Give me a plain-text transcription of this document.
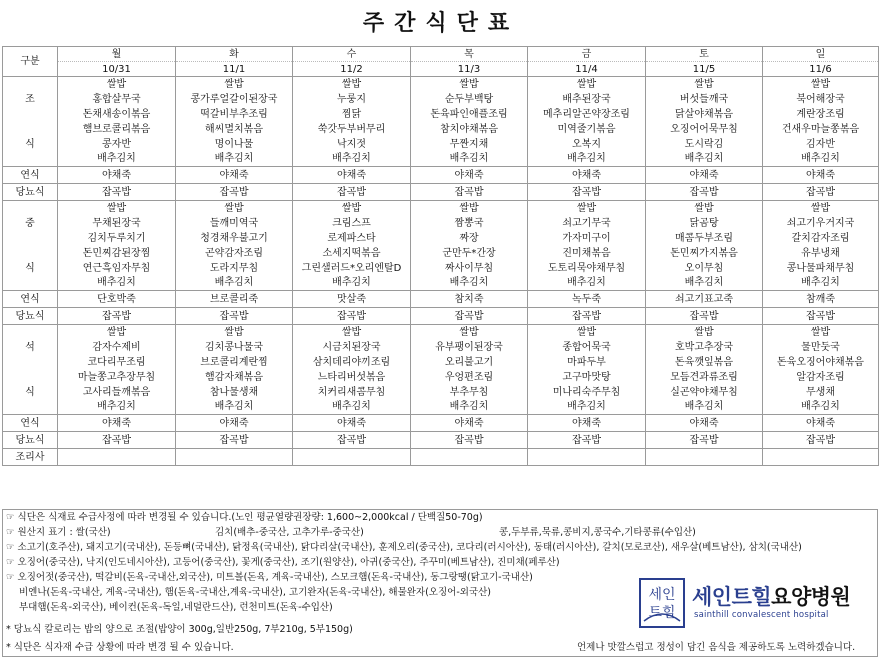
주간식단표
구분	월	화	수	목	금	토	일
	10/31	11/1	11/2	11/3	11/4	11/5	11/6
	쌀밥	쌀밥	쌀밥	쌀밥	쌀밥	쌀밥	쌀밥
조	홍합살무국	콩가루얼갈이된장국	누룽지	순두부백탕	배추된장국	버섯들깨국	북어해장국
	돈채새송이볶음	떡갈비부추조림	찜닭	돈육파인애플조림	메추리알곤약장조림	닭살야채볶음	계란장조림
	햄브로콜리볶음	해씨멸치볶음	쑥갓두부버무리	참치야채볶음	미역줄기볶음	오징어어묵무침	건새우마늘쫑볶음
식	콩자반	명이나물	낙지젓	무짠지채	오복지	도시락김	김자반
	배추김치	배추김치	배추김치	배추김치	배추김치	배추김치	배추김치
연식	야채죽	야채죽	야채죽	야채죽	야채죽	야채죽	야채죽
당뇨식	잡곡밥	잡곡밥	잡곡밥	잡곡밥	잡곡밥	잡곡밥	잡곡밥
	쌀밥	쌀밥	쌀밥	쌀밥	쌀밥	쌀밥	쌀밥
중	무채된장국	들깨미역국	크림스프	짬뽕국	쇠고기무국	닭곰탕	쇠고기우거지국
	김치두루치기	청경채우불고기	로제파스타	짜장	가자미구이	매콤두부조림	갈치감자조림
	돈민찌감된장찜	곤약감자조림	소세지떡볶음	군만두*간장	진미채볶음	돈민찌가지볶음	유부냉채
식	연근흑임자무침	도라지무침	그린샐러드*오리엔탈D	짜사이무침	도토리묵야채무침	오이무침	콩나물파채무침
	배추김치	배추김치	배추김치	배추김치	배추김치	배추김치	배추김치
연식	단호박죽	브로콜리죽	맛살죽	참치죽	녹두죽	쇠고기표고죽	참깨죽
당뇨식	잡곡밥	잡곡밥	잡곡밥	잡곡밥	잡곡밥	잡곡밥	잡곡밥
	쌀밥	쌀밥	쌀밥	쌀밥	쌀밥	쌀밥	쌀밥
석	감자수제비	김치콩나물국	시금치된장국	유부팽이된장국	종합어묵국	호박고추장국	물만둣국
	코다리무조림	브로콜리계란찜	삼치데리야끼조림	오리불고기	마파두부	돈육깻잎볶음	돈육오징어야채볶음
	마늘쫑고추장무침	햄감자채볶음	느타리버섯볶음	우엉편조림	고구마맛탕	모듬견과류조림	알감자조림
식	고사리들깨볶음	참나물생채	치커리새콤무침	부추무침	미나리숙주무침	실곤약야채무침	무생채
	배추김치	배추김치	배추김치	배추김치	배추김치	배추김치	배추김치
연식	야채죽	야채죽	야채죽	야채죽	야채죽	야채죽	야채죽
당뇨식	잡곡밥	잡곡밥	잡곡밥	잡곡밥	잡곡밥	잡곡밥	잡곡밥
조리사							
☞ 식단은 식재료 수급사정에 따라 변경될 수 있습니다.(노인 평균열량권장량: 1,600~2,000kcal / 단백질50-70g)
☞ 원산지 표기 : 쌀(국산)	김치(배추-중국산, 고추가루-중국산)	콩,두부류,묵류,콩비지,콩국수,기타콩류(수입산)
☞ 소고기(호주산), 돼지고기(국내산), 돈등뼈(국내산), 닭정육(국내산), 닭다리살(국내산), 훈제오리(중국산), 코다리(러시아산), 동태(러시아산), 갈치(모로코산), 새우살(베트남산), 삼치(국내산)
☞ 오징어(중국산), 낙지(인도네시아산), 고등어(중국산), 꽃게(중국산), 조기(원양산), 아귀(중국산), 주꾸미(베트남산), 진미채(페루산)
☞ 오징어젓(중국산), 떡갈비(돈육-국내산,외국산), 미트볼(돈육, 계육-국내산), 스모크햄(돈육-국내산), 동그랑땡(닭고기-국내산)
비엔나(돈육-국내산, 계육-국내산), 햄(돈육-국내산,계육-국내산), 고기완자(돈육-국내산), 해물완자(오징어-외국산)
부대햄(돈육-외국산), 베이컨(돈육-독일,네덜란드산), 런천미트(돈육-수입산)
* 당뇨식 칼로리는 밥의 양으로 조절(밥양이 300g,일반250g, 7부210g, 5부150g)
* 식단은 식자재 수급 상황에 따라 변경 될 수 있습니다.	언제나 맛깔스럽고 정성이 담긴 음식을 제공하도록 노력하겠습니다.
세인
트힐
세인트힐요양병원
sainthill convalescent hospital
